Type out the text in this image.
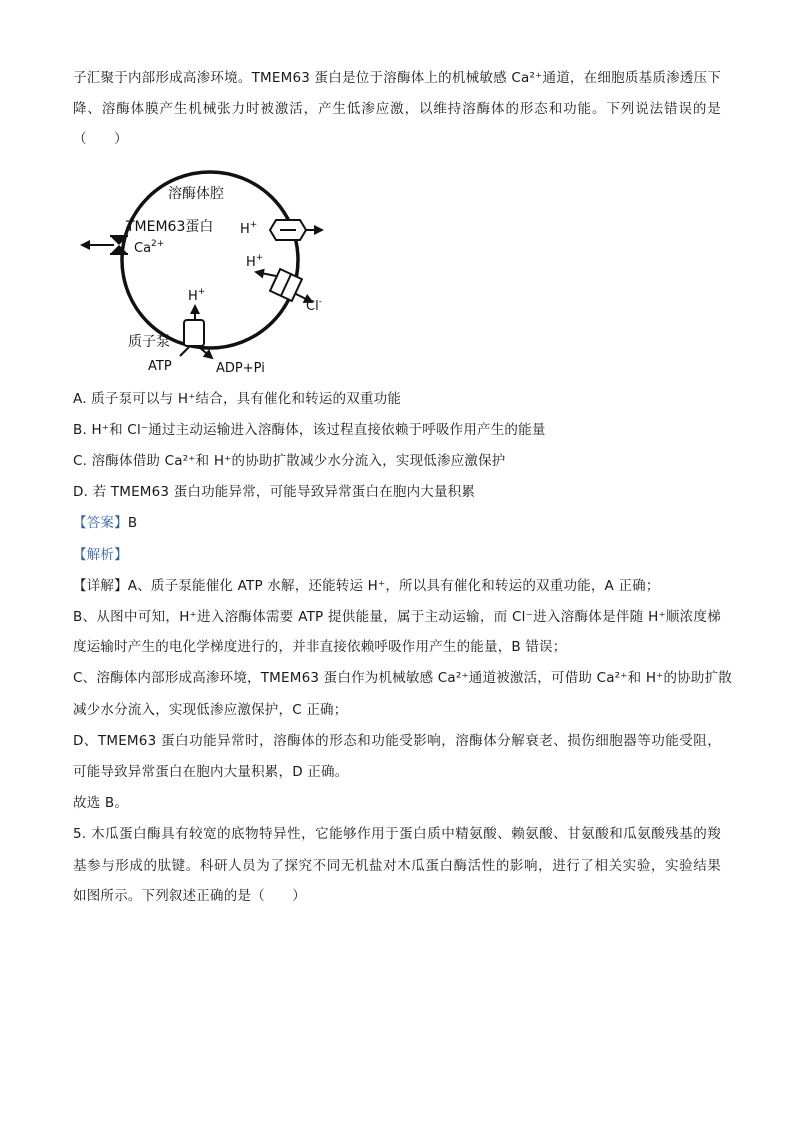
子汇聚于内部形成高渗环境。TMEM63 蛋白是位于溶酶体上的机械敏感 Ca²⁺通道，在细胞质基质渗透压下
降、溶酶体膜产生机械张力时被激活，产生低渗应激，以维持溶酶体的形态和功能。下列说法错误的是
（　　）
溶酶体腔
TMEM63蛋白
$Ca^{2+}$
H+
H+
Cl-
H+
质子泵
ATP	ADP+Pi
A. 质子泵可以与 H⁺结合，具有催化和转运的双重功能
B. H⁺和 Cl⁻通过主动运输进入溶酶体，该过程直接依赖于呼吸作用产生的能量
C. 溶酶体借助 Ca²⁺和 H⁺的协助扩散减少水分流入，实现低渗应激保护
D. 若 TMEM63 蛋白功能异常，可能导致异常蛋白在胞内大量积累
【答案】B
【解析】
【详解】A、质子泵能催化 ATP 水解，还能转运 H⁺，所以具有催化和转运的双重功能，A 正确；
B、从图中可知，H⁺进入溶酶体需要 ATP 提供能量，属于主动运输，而 Cl⁻进入溶酶体是伴随 H⁺顺浓度梯
度运输时产生的电化学梯度进行的，并非直接依赖呼吸作用产生的能量，B 错误；
C、溶酶体内部形成高渗环境，TMEM63 蛋白作为机械敏感 Ca²⁺通道被激活，可借助 Ca²⁺和 H⁺的协助扩散
减少水分流入，实现低渗应激保护，C 正确；
D、TMEM63 蛋白功能异常时，溶酶体的形态和功能受影响，溶酶体分解衰老、损伤细胞器等功能受阻，
可能导致异常蛋白在胞内大量积累，D 正确。
故选 B。
5. 木瓜蛋白酶具有较宽的底物特异性，它能够作用于蛋白质中精氨酸、赖氨酸、甘氨酸和瓜氨酸残基的羧
基参与形成的肽键。科研人员为了探究不同无机盐对木瓜蛋白酶活性的影响，进行了相关实验，实验结果
如图所示。下列叙述正确的是（　　）
